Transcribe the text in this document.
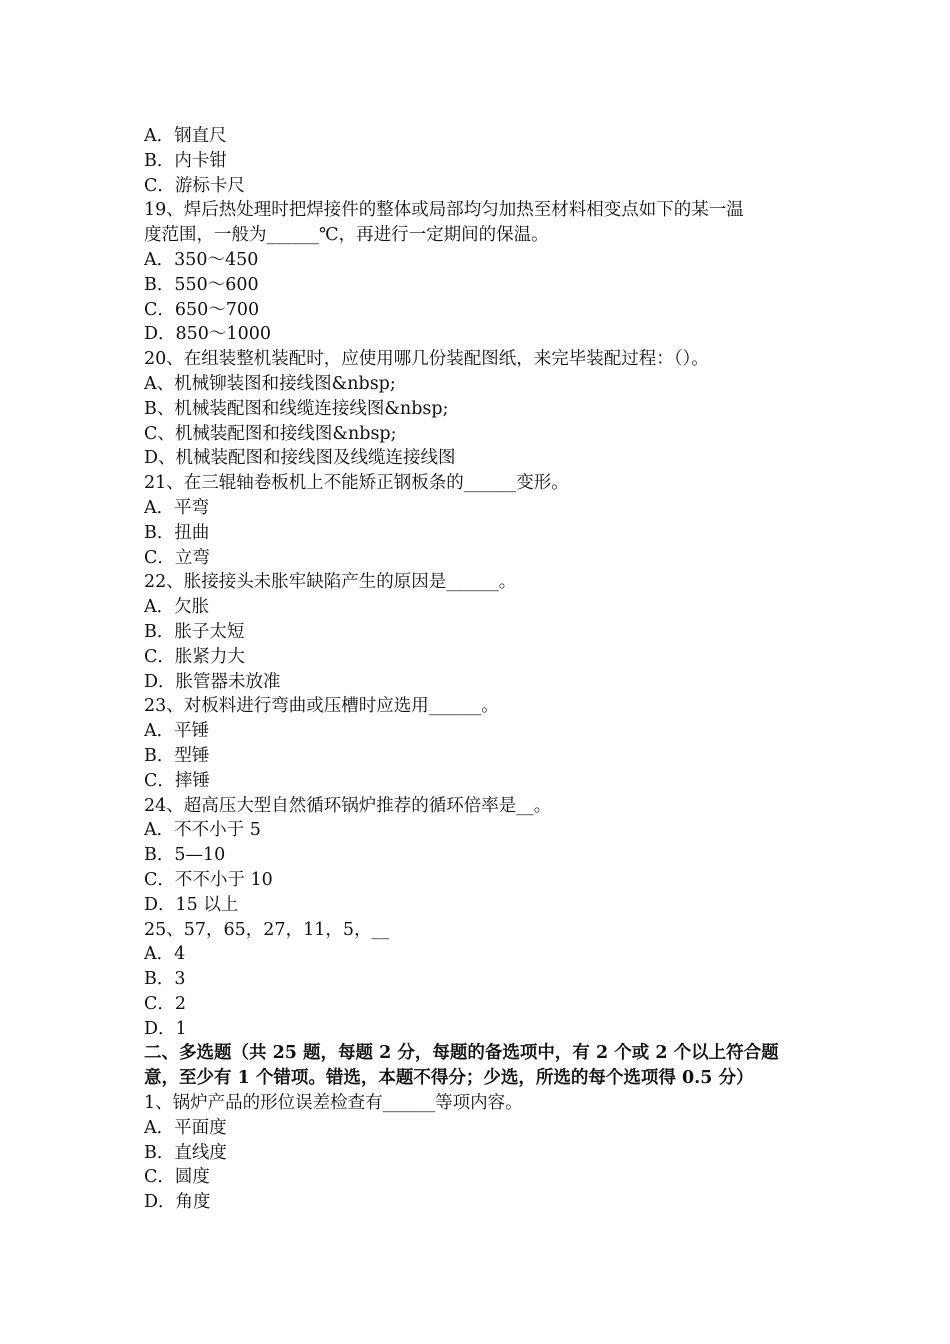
A．钢直尺
B．内卡钳
C．游标卡尺
19、焊后热处理时把焊接件的整体或局部均匀加热至材料相变点如下的某一温
度范围，一般为______℃，再进行一定期间的保温。
A．350～450
B．550～600
C．650～700
D．850～1000
20、在组装整机装配时，应使用哪几份装配图纸，来完毕装配过程：（）。
A、机械铆装图和接线图&nbsp;
B、机械装配图和线缆连接线图&nbsp;
C、机械装配图和接线图&nbsp;
D、机械装配图和接线图及线缆连接线图
21、在三辊轴卷板机上不能矫正钢板条的______变形。
A．平弯
B．扭曲
C．立弯
22、胀接接头未胀牢缺陷产生的原因是______。
A．欠胀
B．胀子太短
C．胀紧力大
D．胀管器未放准
23、对板料进行弯曲或压槽时应选用______。
A．平锤
B．型锤
C．摔锤
24、超高压大型自然循环锅炉推荐的循环倍率是__。
A．不不小于 5
B．5—10
C．不不小于 10
D．15 以上
25、57，65，27，11，5，__
A．4
B．3
C．2
D．1
二、多选题（共 25 题，每题 2 分，每题的备选项中，有 2 个或 2 个以上符合题
意，至少有 1 个错项。错选，本题不得分；少选，所选的每个选项得 0.5 分）
1、锅炉产品的形位误差检查有______等项内容。
A．平面度
B．直线度
C．圆度
D．角度
